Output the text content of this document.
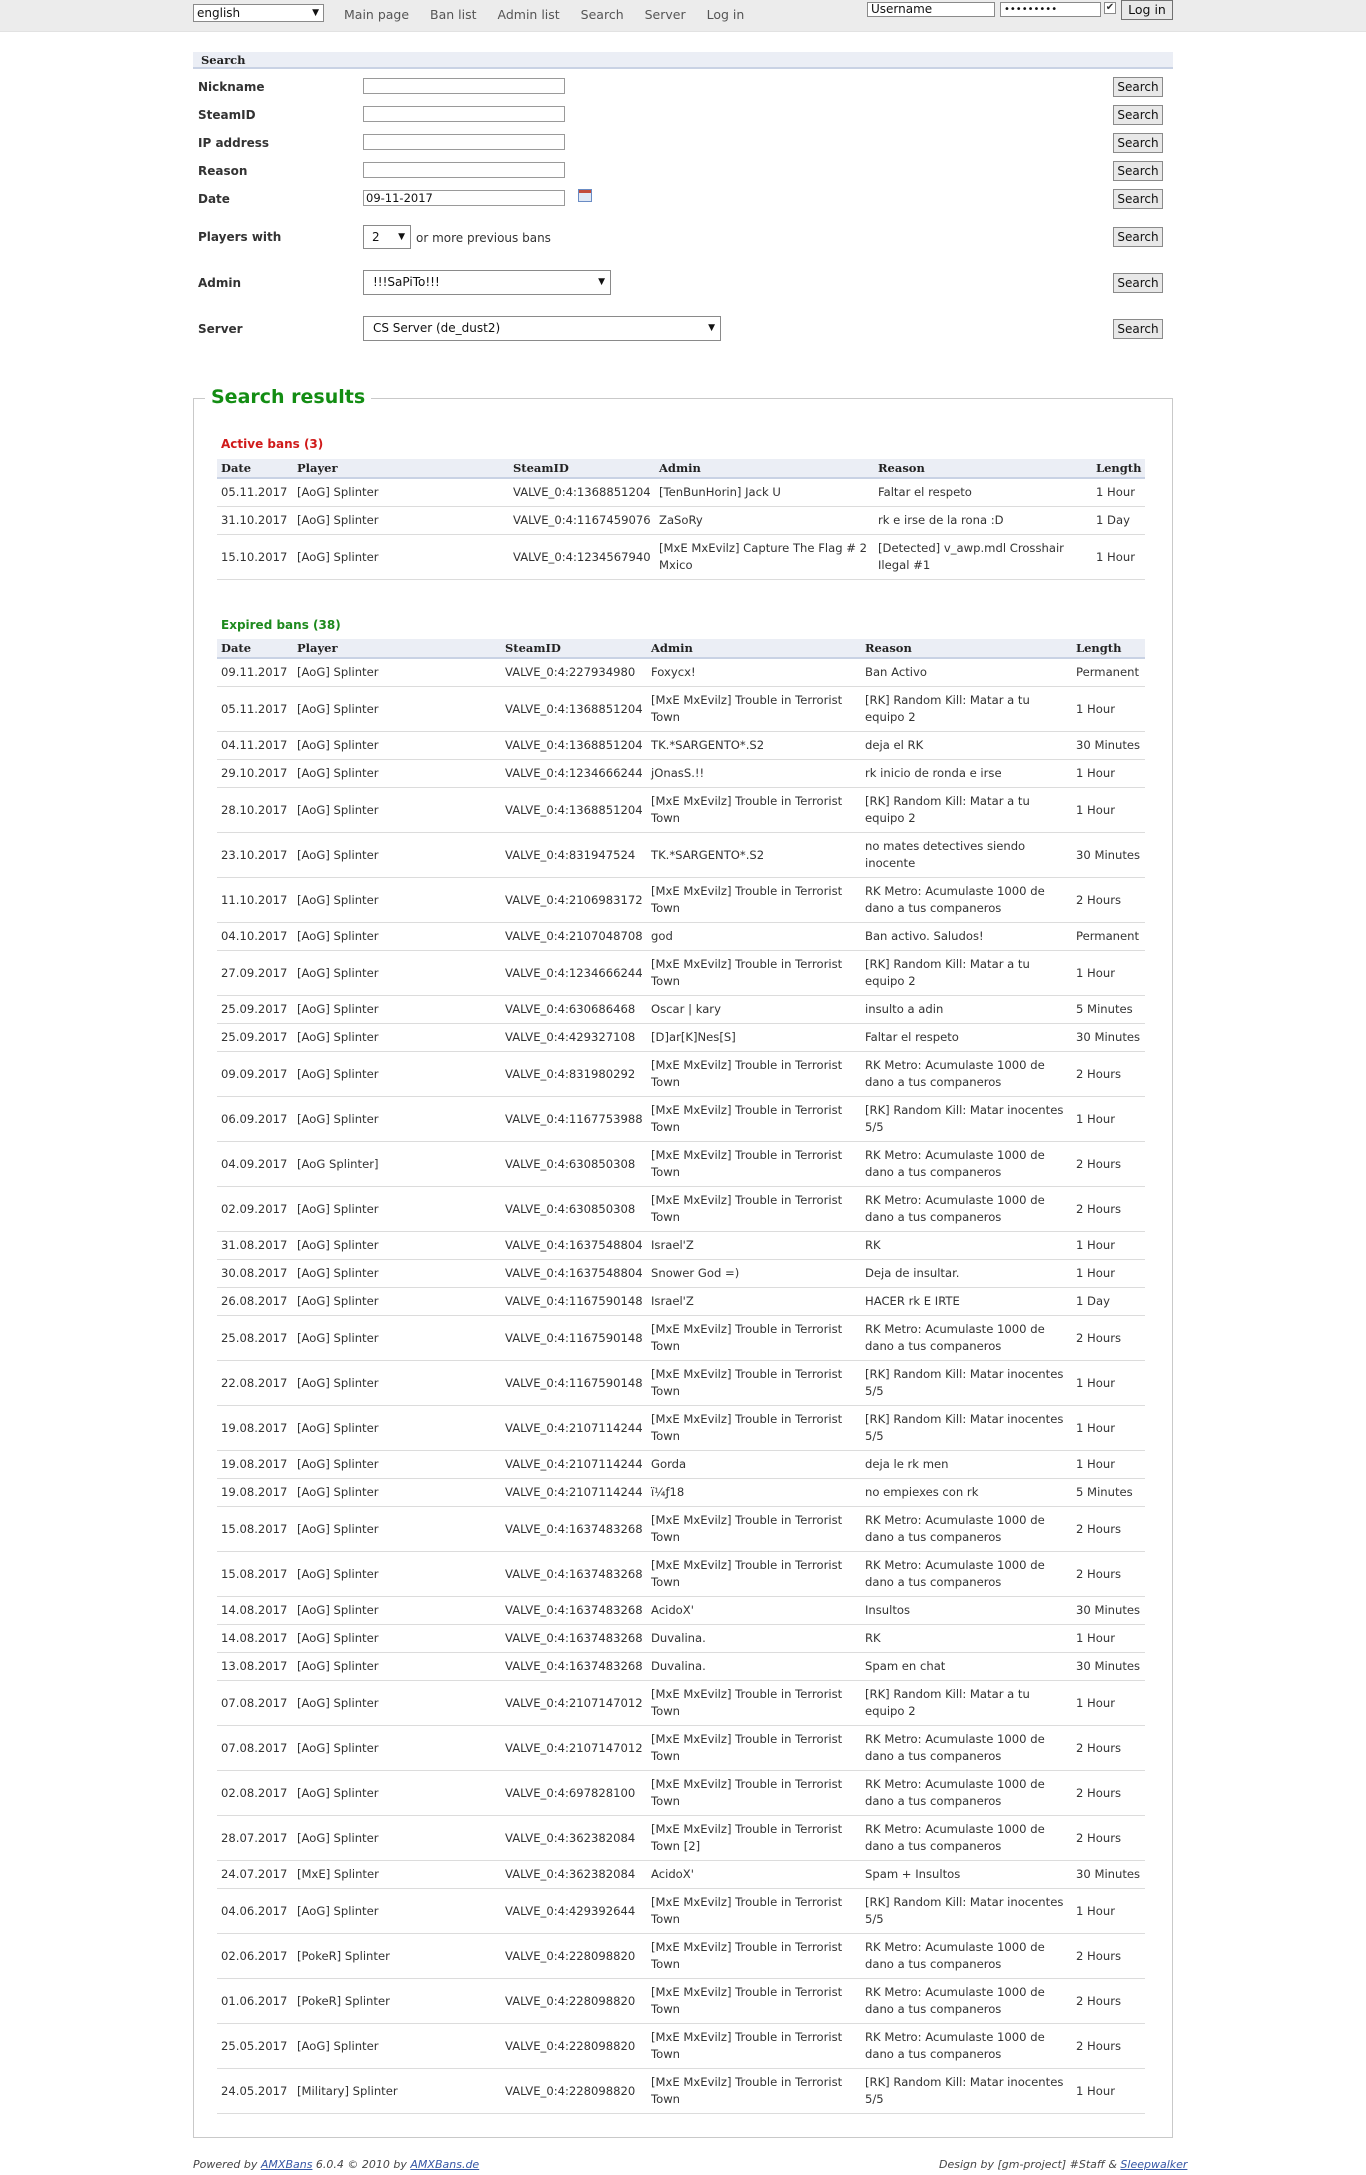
english	▼ Main page Ban list Admin list Search Server Log in	Username	•••••••••	✔	Log in
Search
Nickname	Search
SteamID	Search
IP address	Search
Reason	Search
Date	09-11-2017	Search
Players with	2 ▼ or more previous bans	Search
Admin	!!!SaPiTo!!!	▼	Search
Server	CS Server (de_dust2)	▼	Search
Search results
Active bans (3)
Date	Player	SteamID	Admin	Reason	Length
05.11.2017	[AoG] Splinter	VALVE_0:4:1368851204	[TenBunHorin] Jack U	Faltar el respeto	1 Hour
31.10.2017	[AoG] Splinter	VALVE_0:4:1167459076	ZaSoRy	rk e irse de la rona :D	1 Day
15.10.2017	[AoG] Splinter	VALVE_0:4:1234567940	[MxE MxEvilz] Capture The Flag # 2 Mxico	[Detected] v_awp.mdl Crosshair Ilegal #1	1 Hour
Expired bans (38)
Date	Player	SteamID	Admin	Reason	Length
09.11.2017	[AoG] Splinter	VALVE_0:4:227934980	Foxycx!	Ban Activo	Permanent
05.11.2017	[AoG] Splinter	VALVE_0:4:1368851204	[MxE MxEvilz] Trouble in Terrorist Town	[RK] Random Kill: Matar a tu equipo 2	1 Hour
04.11.2017	[AoG] Splinter	VALVE_0:4:1368851204	TK.*SARGENTO*.S2	deja el RK	30 Minutes
29.10.2017	[AoG] Splinter	VALVE_0:4:1234666244	jOnasS.!!	rk inicio de ronda e irse	1 Hour
28.10.2017	[AoG] Splinter	VALVE_0:4:1368851204	[MxE MxEvilz] Trouble in Terrorist Town	[RK] Random Kill: Matar a tu equipo 2	1 Hour
23.10.2017	[AoG] Splinter	VALVE_0:4:831947524	TK.*SARGENTO*.S2	no mates detectives siendo inocente	30 Minutes
11.10.2017	[AoG] Splinter	VALVE_0:4:2106983172	[MxE MxEvilz] Trouble in Terrorist Town	RK Metro: Acumulaste 1000 de dano a tus companeros	2 Hours
04.10.2017	[AoG] Splinter	VALVE_0:4:2107048708	god	Ban activo. Saludos!	Permanent
27.09.2017	[AoG] Splinter	VALVE_0:4:1234666244	[MxE MxEvilz] Trouble in Terrorist Town	[RK] Random Kill: Matar a tu equipo 2	1 Hour
25.09.2017	[AoG] Splinter	VALVE_0:4:630686468	Oscar | kary	insulto a adin	5 Minutes
25.09.2017	[AoG] Splinter	VALVE_0:4:429327108	[D]ar[K]Nes[S]	Faltar el respeto	30 Minutes
09.09.2017	[AoG] Splinter	VALVE_0:4:831980292	[MxE MxEvilz] Trouble in Terrorist Town	RK Metro: Acumulaste 1000 de dano a tus companeros	2 Hours
06.09.2017	[AoG] Splinter	VALVE_0:4:1167753988	[MxE MxEvilz] Trouble in Terrorist Town	[RK] Random Kill: Matar inocentes 5/5	1 Hour
04.09.2017	[AoG Splinter]	VALVE_0:4:630850308	[MxE MxEvilz] Trouble in Terrorist Town	RK Metro: Acumulaste 1000 de dano a tus companeros	2 Hours
02.09.2017	[AoG] Splinter	VALVE_0:4:630850308	[MxE MxEvilz] Trouble in Terrorist Town	RK Metro: Acumulaste 1000 de dano a tus companeros	2 Hours
31.08.2017	[AoG] Splinter	VALVE_0:4:1637548804	Israel'Z	RK	1 Hour
30.08.2017	[AoG] Splinter	VALVE_0:4:1637548804	Snower God =)	Deja de insultar.	1 Hour
26.08.2017	[AoG] Splinter	VALVE_0:4:1167590148	Israel'Z	HACER rk E IRTE	1 Day
25.08.2017	[AoG] Splinter	VALVE_0:4:1167590148	[MxE MxEvilz] Trouble in Terrorist Town	RK Metro: Acumulaste 1000 de dano a tus companeros	2 Hours
22.08.2017	[AoG] Splinter	VALVE_0:4:1167590148	[MxE MxEvilz] Trouble in Terrorist Town	[RK] Random Kill: Matar inocentes 5/5	1 Hour
19.08.2017	[AoG] Splinter	VALVE_0:4:2107114244	[MxE MxEvilz] Trouble in Terrorist Town	[RK] Random Kill: Matar inocentes 5/5	1 Hour
19.08.2017	[AoG] Splinter	VALVE_0:4:2107114244	Gorda	deja le rk men	1 Hour
19.08.2017	[AoG] Splinter	VALVE_0:4:2107114244	ï¼ƒ18	no empiexes con rk	5 Minutes
15.08.2017	[AoG] Splinter	VALVE_0:4:1637483268	[MxE MxEvilz] Trouble in Terrorist Town	RK Metro: Acumulaste 1000 de dano a tus companeros	2 Hours
15.08.2017	[AoG] Splinter	VALVE_0:4:1637483268	[MxE MxEvilz] Trouble in Terrorist Town	RK Metro: Acumulaste 1000 de dano a tus companeros	2 Hours
14.08.2017	[AoG] Splinter	VALVE_0:4:1637483268	AcidoX'	Insultos	30 Minutes
14.08.2017	[AoG] Splinter	VALVE_0:4:1637483268	Duvalina.	RK	1 Hour
13.08.2017	[AoG] Splinter	VALVE_0:4:1637483268	Duvalina.	Spam en chat	30 Minutes
07.08.2017	[AoG] Splinter	VALVE_0:4:2107147012	[MxE MxEvilz] Trouble in Terrorist Town	[RK] Random Kill: Matar a tu equipo 2	1 Hour
07.08.2017	[AoG] Splinter	VALVE_0:4:2107147012	[MxE MxEvilz] Trouble in Terrorist Town	RK Metro: Acumulaste 1000 de dano a tus companeros	2 Hours
02.08.2017	[AoG] Splinter	VALVE_0:4:697828100	[MxE MxEvilz] Trouble in Terrorist Town	RK Metro: Acumulaste 1000 de dano a tus companeros	2 Hours
28.07.2017	[AoG] Splinter	VALVE_0:4:362382084	[MxE MxEvilz] Trouble in Terrorist Town [2]	RK Metro: Acumulaste 1000 de dano a tus companeros	2 Hours
24.07.2017	[MxE] Splinter	VALVE_0:4:362382084	AcidoX'	Spam + Insultos	30 Minutes
04.06.2017	[AoG] Splinter	VALVE_0:4:429392644	[MxE MxEvilz] Trouble in Terrorist Town	[RK] Random Kill: Matar inocentes 5/5	1 Hour
02.06.2017	[PokeR] Splinter	VALVE_0:4:228098820	[MxE MxEvilz] Trouble in Terrorist Town	RK Metro: Acumulaste 1000 de dano a tus companeros	2 Hours
01.06.2017	[PokeR] Splinter	VALVE_0:4:228098820	[MxE MxEvilz] Trouble in Terrorist Town	RK Metro: Acumulaste 1000 de dano a tus companeros	2 Hours
25.05.2017	[AoG] Splinter	VALVE_0:4:228098820	[MxE MxEvilz] Trouble in Terrorist Town	RK Metro: Acumulaste 1000 de dano a tus companeros	2 Hours
24.05.2017	[Military] Splinter	VALVE_0:4:228098820	[MxE MxEvilz] Trouble in Terrorist Town	[RK] Random Kill: Matar inocentes 5/5	1 Hour
Powered by AMXBans 6.0.4 © 2010 by AMXBans.de	Design by [gm-project] #Staff & Sleepwalker
